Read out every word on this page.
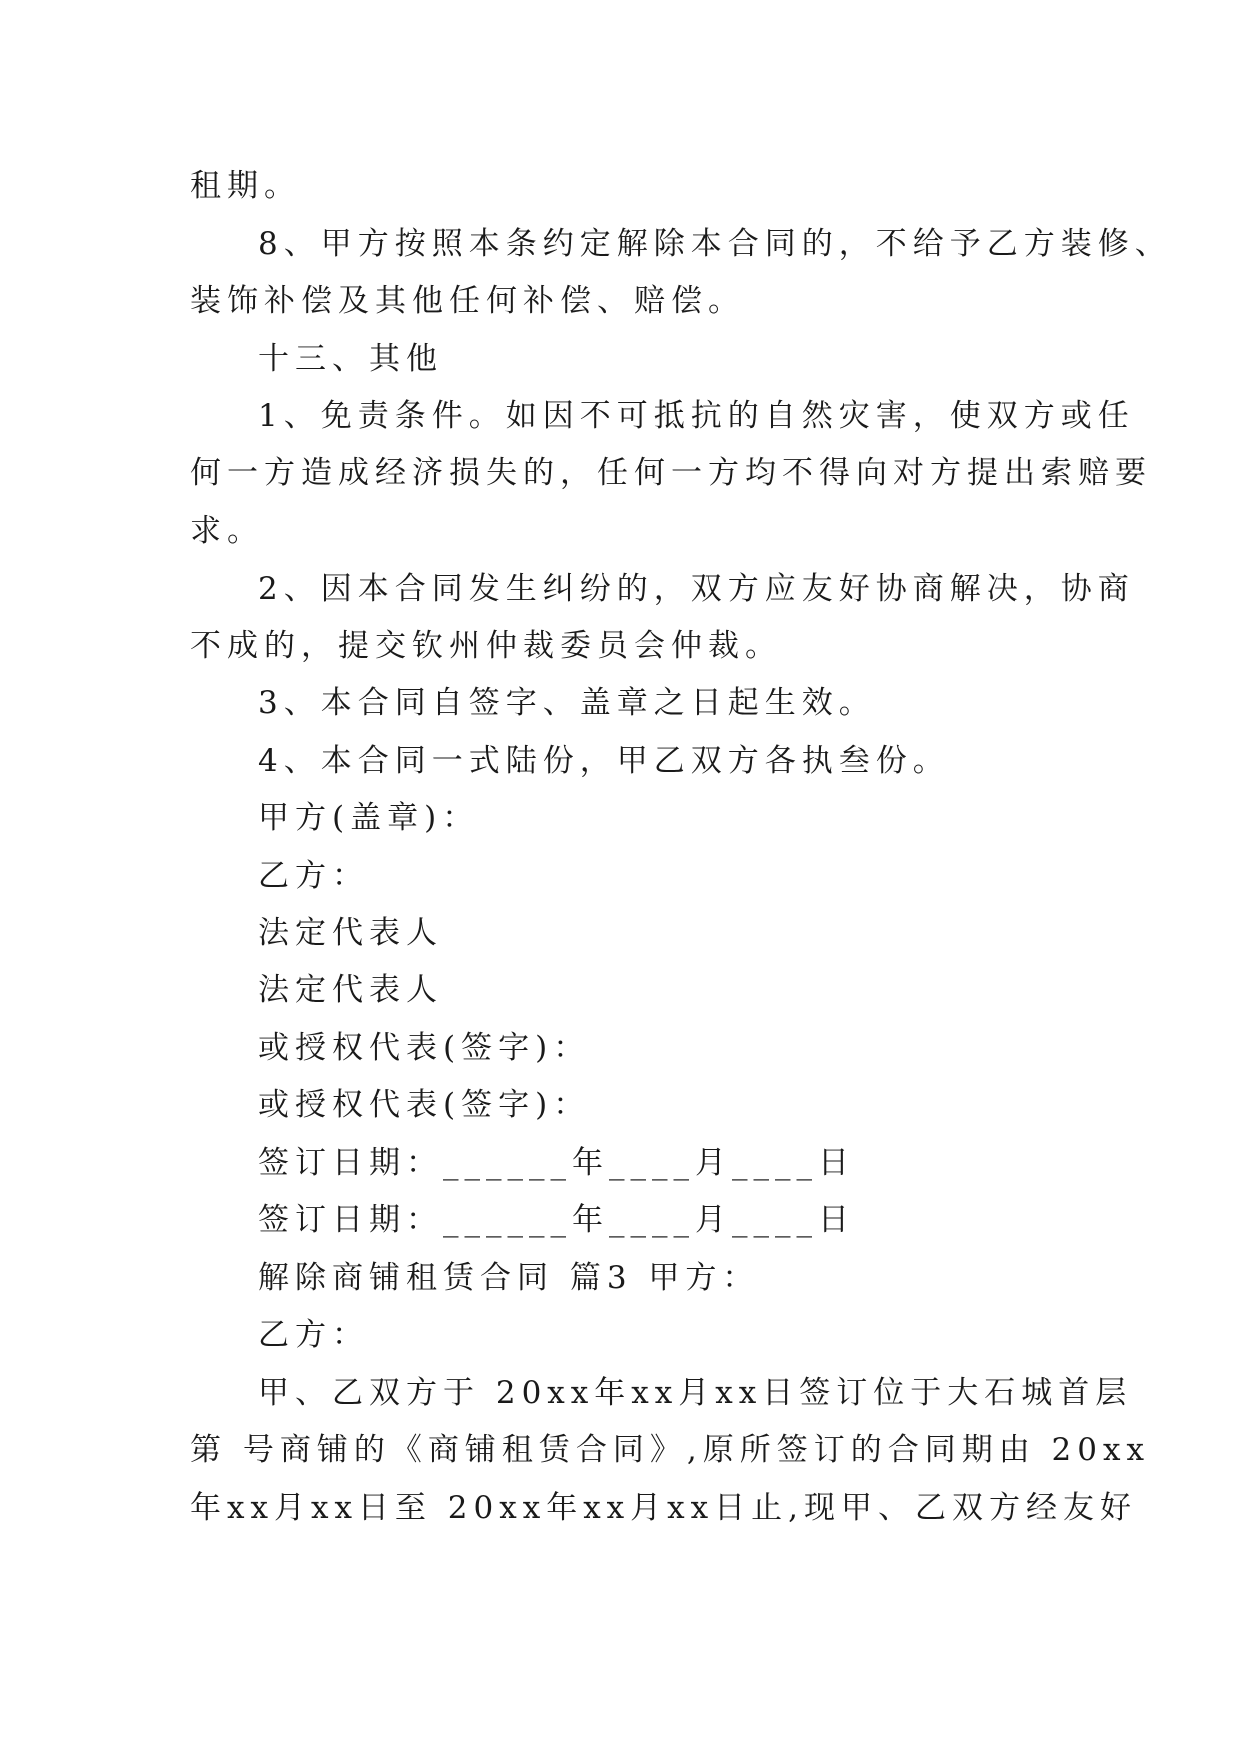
租期。
8、甲方按照本条约定解除本合同的，不给予乙方装修、
装饰补偿及其他任何补偿、赔偿。
十三、其他
1、免责条件。如因不可抵抗的自然灾害，使双方或任
何一方造成经济损失的，任何一方均不得向对方提出索赔要
求。
2、因本合同发生纠纷的，双方应友好协商解决，协商
不成的，提交钦州仲裁委员会仲裁。
3、本合同自签字、盖章之日起生效。
4、本合同一式陆份，甲乙双方各执叁份。
甲方(盖章)：
乙方：
法定代表人
法定代表人
或授权代表(签字)：
或授权代表(签字)：
签订日期：______年____月____日
签订日期：______年____月____日
解除商铺租赁合同 篇3 甲方：
乙方：
甲、乙双方于 20xx年xx月xx日签订位于大石城首层
第 号商铺的《商铺租赁合同》,原所签订的合同期由 20xx
年xx月xx日至 20xx年xx月xx日止,现甲、乙双方经友好
